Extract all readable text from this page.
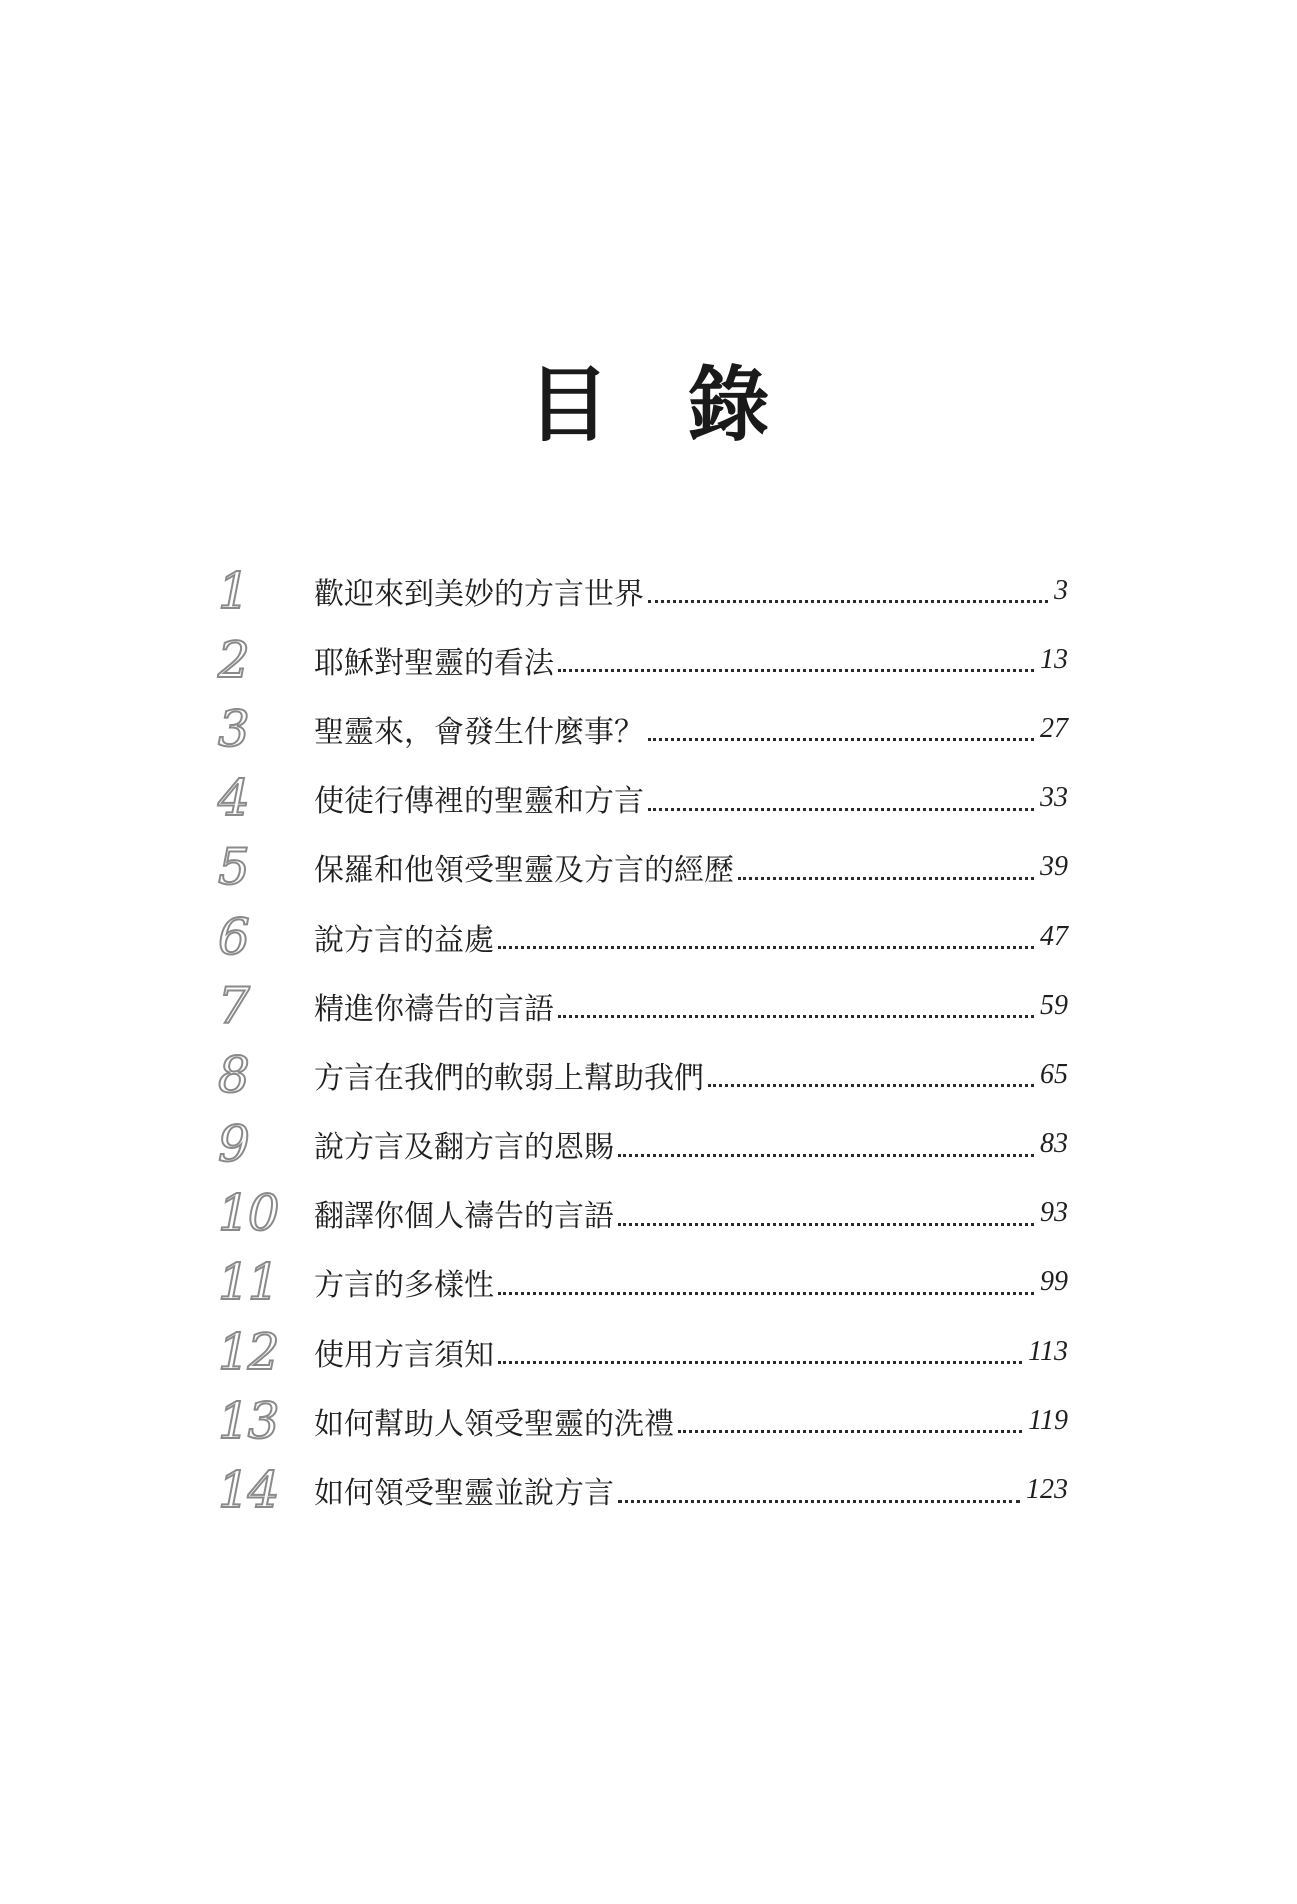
目 錄
1	歡迎來到美妙的方言世界	3
2	耶穌對聖靈的看法	13
3	聖靈來，會發生什麼事？	27
4	使徒行傳裡的聖靈和方言	33
5	保羅和他領受聖靈及方言的經歷	39
6	說方言的益處	47
7	精進你禱告的言語	59
8	方言在我們的軟弱上幫助我們	65
9	說方言及翻方言的恩賜	83
10	翻譯你個人禱告的言語	93
11	方言的多樣性	99
12	使用方言須知	113
13	如何幫助人領受聖靈的洗禮	119
14	如何領受聖靈並說方言	123
